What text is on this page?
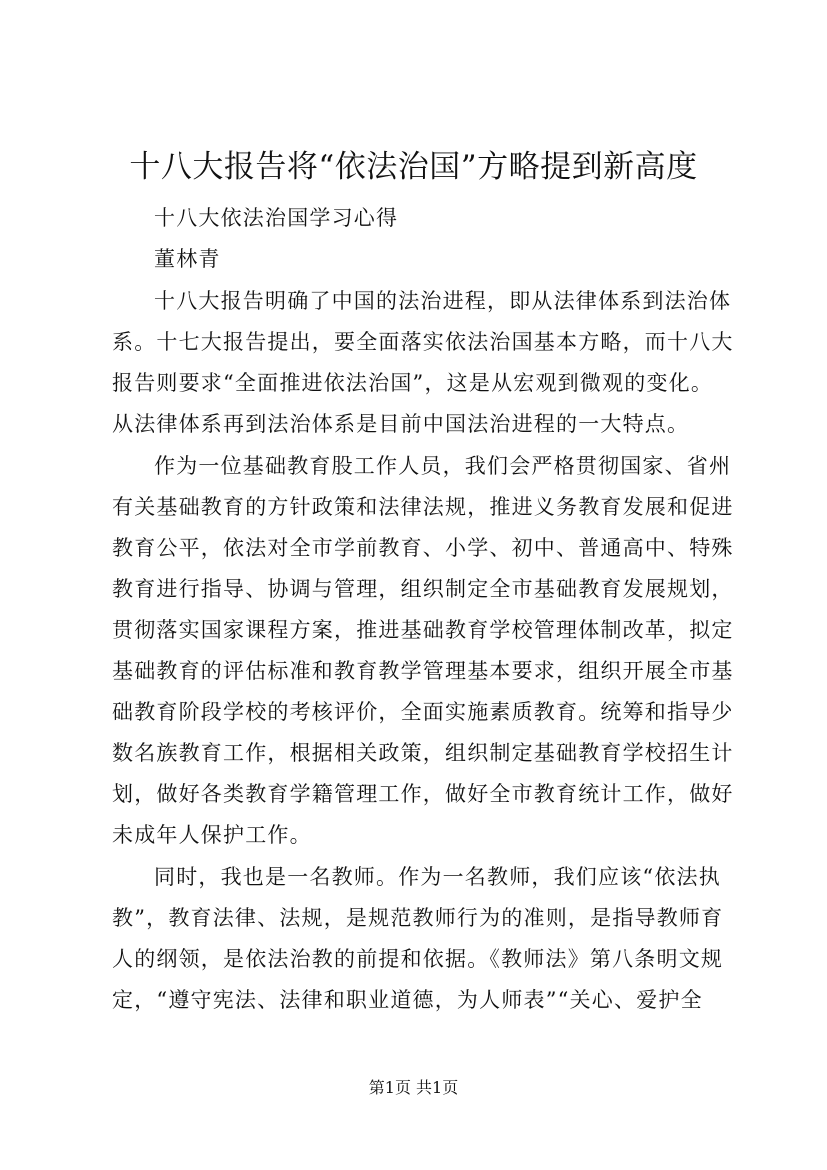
十八大报告将“依法治国”方略提到新高度

十八大依法治国学习心得

董林青

十八大报告明确了中国的法治进程，即从法律体系到法治体

系。十七大报告提出，要全面落实依法治国基本方略，而十八大

报告则要求“全面推进依法治国”，这是从宏观到微观的变化。

从法律体系再到法治体系是目前中国法治进程的一大特点。

作为一位基础教育股工作人员，我们会严格贯彻国家、省州

有关基础教育的方针政策和法律法规，推进义务教育发展和促进

教育公平，依法对全市学前教育、小学、初中、普通高中、特殊

教育进行指导、协调与管理，组织制定全市基础教育发展规划，

贯彻落实国家课程方案，推进基础教育学校管理体制改革，拟定

基础教育的评估标准和教育教学管理基本要求，组织开展全市基

础教育阶段学校的考核评价，全面实施素质教育。统筹和指导少

数名族教育工作，根据相关政策，组织制定基础教育学校招生计

划，做好各类教育学籍管理工作，做好全市教育统计工作，做好

未成年人保护工作。

同时，我也是一名教师。作为一名教师，我们应该“依法执

教”，教育法律、法规，是规范教师行为的准则，是指导教师育

人的纲领，是依法治教的前提和依据。《教师法》第八条明文规

定，“遵守宪法、法律和职业道德，为人师表”“关心、爱护全

第1页 共1页
